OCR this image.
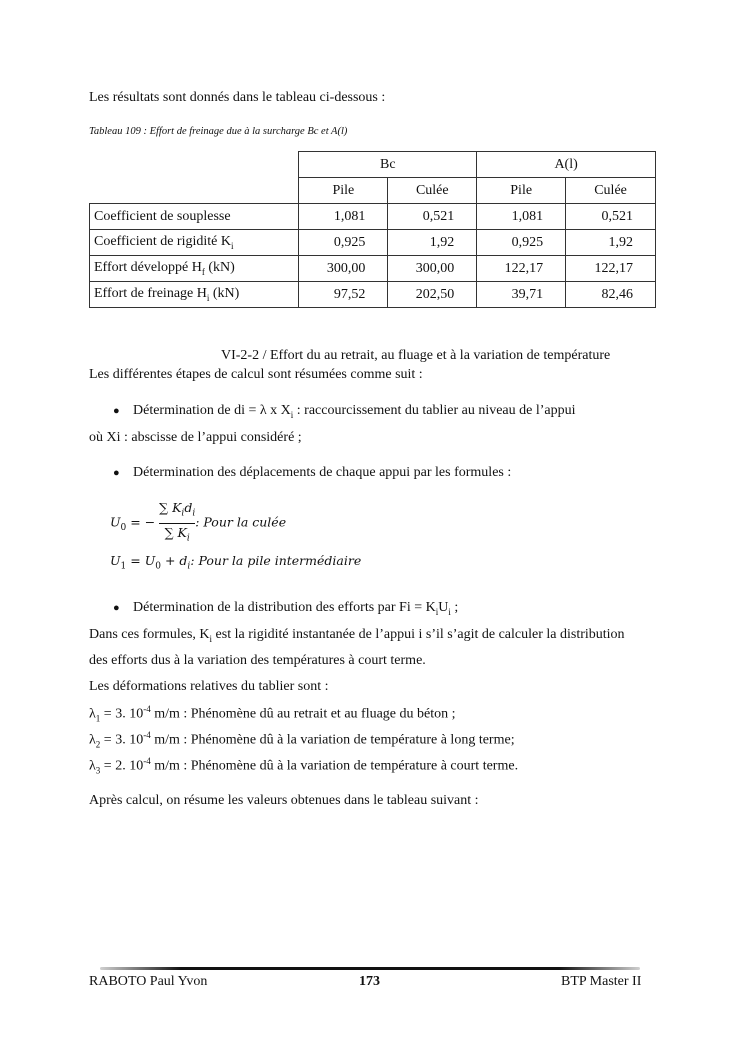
Les résultats sont donnés dans le tableau ci-dessous :
Tableau 109 : Effort de freinage due à la surcharge Bc et A(l)
	Bc		A(l)	
	Pile	Culée	Pile	Culée
Coefficient de souplesse	1,081	0,521	1,081	0,521
Coefficient de rigidité $K_i$	0,925	1,92	0,925	1,92
Effort développé $H_f$ (kN)	300,00	300,00	122,17	122,17
Effort de freinage $H_i$ (kN)	97,52	202,50	39,71	82,46
VI-2-2 / Effort du au retrait, au fluage et à la variation de température
Les différentes étapes de calcul sont résumées comme suit :
● Détermination de di = λ x $X_i$ : raccourcissement du tablier au niveau de l’appui
où Xi : abscisse de l’appui considéré ;
● Détermination des déplacements de chaque appui par les formules :
$U_0$ = − $\frac{\sum K_id_i}{\sum K_i}$ : Pour la culée
$U_1 = U_0 + d_i$: Pour la pile intermédiaire
● Détermination de la distribution des efforts par $Fi = K_iU_i$ ;
Dans ces formules, $K_i$ est la rigidité instantanée de l’appui i s’il s’agit de calculer la distribution
des efforts dus à la variation des températures à court terme.
Les déformations relatives du tablier sont :
$\lambda_1 = 3$. $10^{-4}$ m/m : Phénomène dû au retrait et au fluage du béton ;
$\lambda_2 = 3$. $10^{-4}$ m/m : Phénomène dû à la variation de température à long terme;
$\lambda_3 = 2$. $10^{-4}$ m/m : Phénomène dû à la variation de température à court terme.
Après calcul, on résume les valeurs obtenues dans le tableau suivant :
RABOTO Paul Yvon	173	BTP Master II
